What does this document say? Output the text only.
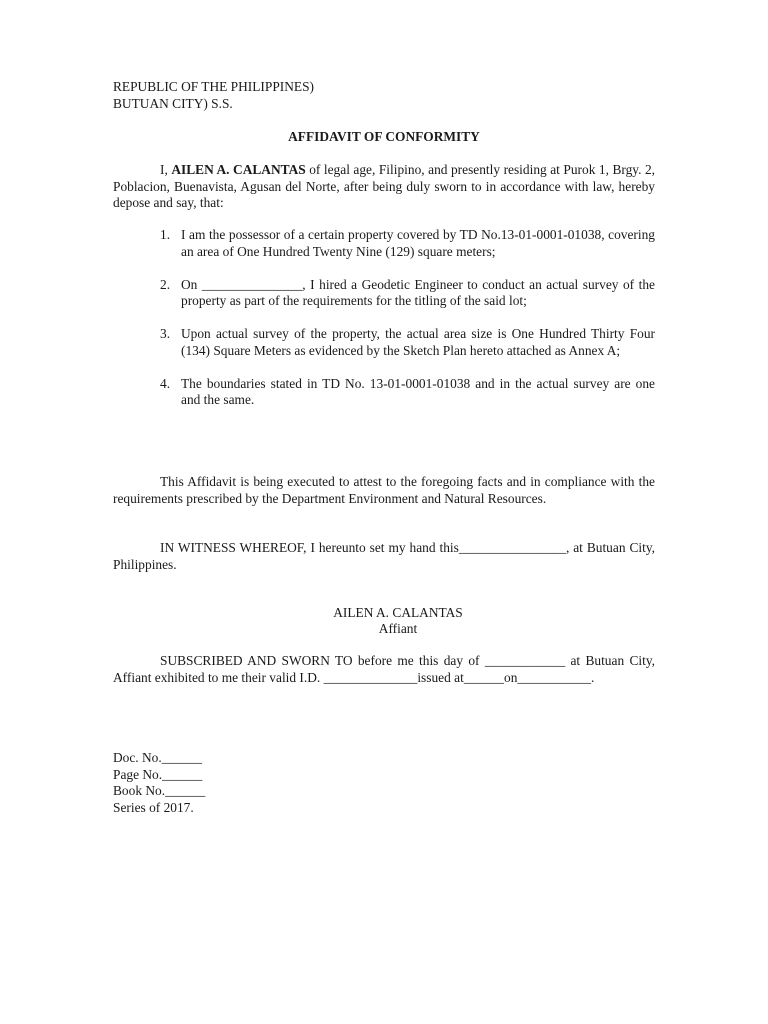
REPUBLIC OF THE PHILIPPINES)

BUTUAN CITY) S.S.

AFFIDAVIT OF CONFORMITY

I, AILEN A. CALANTAS of legal age, Filipino, and presently residing at Purok 1, Brgy. 2, Poblacion, Buenavista, Agusan del Norte, after being duly sworn to in accordance with law, hereby depose and say, that:

1. I am the possessor of a certain property covered by TD No.13-01-0001-01038, covering an area of One Hundred Twenty Nine (129) square meters;
2. On _______________, I hired a Geodetic Engineer to conduct an actual survey of the property as part of the requirements for the titling of the said lot;
3. Upon actual survey of the property, the actual area size is One Hundred Thirty Four (134) Square Meters as evidenced by the Sketch Plan hereto attached as Annex A;
4. The boundaries stated in TD No. 13-01-0001-01038 and in the actual survey are one and the same.

This Affidavit is being executed to attest to the foregoing facts and in compliance with the requirements prescribed by the Department Environment and Natural Resources.

IN WITNESS WHEREOF, I hereunto set my hand this________________, at Butuan City, Philippines.

AILEN A. CALANTAS

Affiant

SUBSCRIBED AND SWORN TO before me this day of ____________ at Butuan City, Affiant exhibited to me their valid I.D. ______________issued at______on___________.

Doc. No.______
Page No.______
Book No.______
Series of 2017.
